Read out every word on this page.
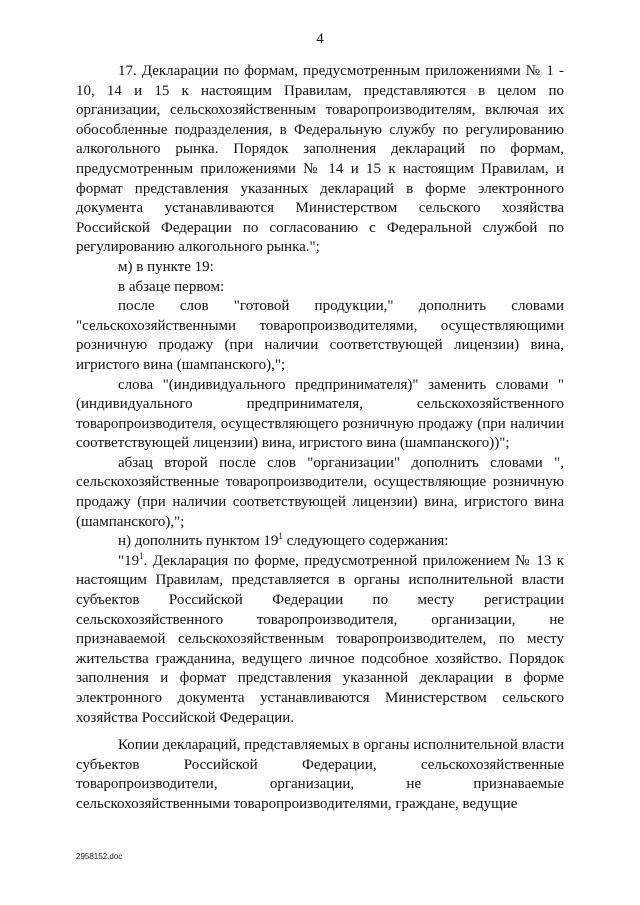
4

17. Декларации по формам, предусмотренным приложениями № 1 - 10, 14 и 15 к настоящим Правилам, представляются в целом по организации, сельскохозяйственным товаропроизводителям, включая их обособленные подразделения, в Федеральную службу по регулированию алкогольного рынка. Порядок заполнения деклараций по формам, предусмотренным приложениями № 14 и 15 к настоящим Правилам, и формат представления указанных деклараций в форме электронного документа устанавливаются Министерством сельского хозяйства Российской Федерации по согласованию с Федеральной службой по регулированию алкогольного рынка.";

м) в пункте 19:

в абзаце первом:

после слов "готовой продукции," дополнить словами "сельскохозяйственными товаропроизводителями, осуществляющими розничную продажу (при наличии соответствующей лицензии) вина, игристого вина (шампанского),";

слова "(индивидуального предпринимателя)" заменить словами "(индивидуального предпринимателя, сельскохозяйственного товаропроизводителя, осуществляющего розничную продажу (при наличии соответствующей лицензии) вина, игристого вина (шампанского))";

абзац второй после слов "организации" дополнить словами ", сельскохозяйственные товаропроизводители, осуществляющие розничную продажу (при наличии соответствующей лицензии) вина, игристого вина (шампанского),";

н) дополнить пунктом $19^1$ следующего содержания:

"$19^1$. Декларация по форме, предусмотренной приложением № 13 к настоящим Правилам, представляется в органы исполнительной власти субъектов Российской Федерации по месту регистрации сельскохозяйственного товаропроизводителя, организации, не признаваемой сельскохозяйственным товаропроизводителем, по месту жительства гражданина, ведущего личное подсобное хозяйство. Порядок заполнения и формат представления указанной декларации в форме электронного документа устанавливаются Министерством сельского хозяйства Российской Федерации.

Копии деклараций, представляемых в органы исполнительной власти субъектов Российской Федерации, сельскохозяйственные товаропроизводители, организации, не признаваемые сельскохозяйственными товаропроизводителями, граждане, ведущие

2958152.doc
